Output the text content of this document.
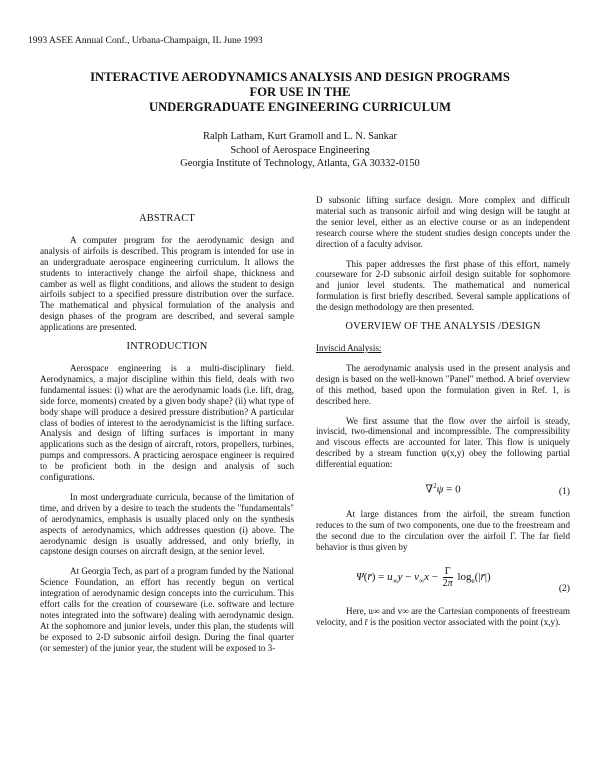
1993 ASEE Annual Conf., Urbana-Champaign, IL June 1993
INTERACTIVE AERODYNAMICS ANALYSIS AND DESIGN PROGRAMS
FOR USE IN THE
UNDERGRADUATE ENGINEERING CURRICULUM
Ralph Latham, Kurt Gramoll and L. N. Sankar
School of Aerospace Engineering
Georgia Institute of Technology, Atlanta, GA 30332-0150
ABSTRACT

A computer program for the aerodynamic design and analysis of airfoils is described. This program is intended for use in an undergraduate aerospace engineering curriculum. It allows the students to interactively change the airfoil shape, thickness and camber as well as flight conditions, and allows the student to design airfoils subject to a specified pressure distribution over the surface. The mathematical and physical formulation of the analysis and design phases of the program are described, and several sample applications are presented.

INTRODUCTION

Aerospace engineering is a multi-disciplinary field. Aerodynamics, a major discipline within this field, deals with two fundamental issues: (i) what are the aerodynamic loads (i.e. lift, drag, side force, moments) created by a given body shape? (ii) what type of body shape will produce a desired pressure distribution? A particular class of bodies of interest to the aerodynamicist is the lifting surface. Analysis and design of lifting surfaces is important in many applications such as the design of aircraft, rotors, propellers, turbines, pumps and compressors. A practicing aerospace engineer is required to be proficient both in the design and analysis of such configurations.

In most undergraduate curricula, because of the limitation of time, and driven by a desire to teach the students the "fundamentals" of aerodynamics, emphasis is usually placed only on the synthesis aspects of aerodynamics, which addresses question (i) above. The aerodynamic design is usually addressed, and only briefly, in capstone design courses on aircraft design, at the senior level.

At Georgia Tech, as part of a program funded by the National Science Foundation, an effort has recently begun on vertical integration of aerodynamic design concepts into the curriculum. This effort calls for the creation of courseware (i.e. software and lecture notes integrated into the software) dealing with aerodynamic design. At the sophomore and junior levels, under this plan, the students will be exposed to 2-D subsonic airfoil design. During the final quarter (or semester) of the junior year, the student will be exposed to 3-

D subsonic lifting surface design. More complex and difficult material such as transonic airfoil and wing design will be taught at the senior level, either as an elective course or as an independent research course where the student studies design concepts under the direction of a faculty advisor.

This paper addresses the first phase of this effort, namely courseware for 2-D subsonic airfoil design suitable for sophomore and junior level students. The mathematical and numerical formulation is first briefly described. Several sample applications of the design methodology are then presented.

OVERVIEW OF THE ANALYSIS /DESIGN
Inviscid Analysis:

The aerodynamic analysis used in the present analysis and design is based on the well-known "Panel" method. A brief overview of this method, based upon the formulation given in Ref. 1, is described here.

We first assume that the flow over the airfoil is steady, inviscid, two-dimensional and incompressible. The compressibility and viscous effects are accounted for later. This flow is uniquely described by a stream function ψ(x,y) obey the following partial differential equation:

∇$^2$ψ = 0	(1)

At large distances from the airfoil, the stream function reduces to the sum of two components, one due to the freestream and the second due to the circulation over the airfoil Γ. The far field behavior is thus given by

Ψ(r̄) = $u_\infty y - v_\infty x - \frac{\Gamma}{2\pi}$ $\log_e(|r̄|)$
(2)

Here, u∞ and v∞ are the Cartesian components of freestream velocity, and r̄ is the position vector associated with the point (x,y).
